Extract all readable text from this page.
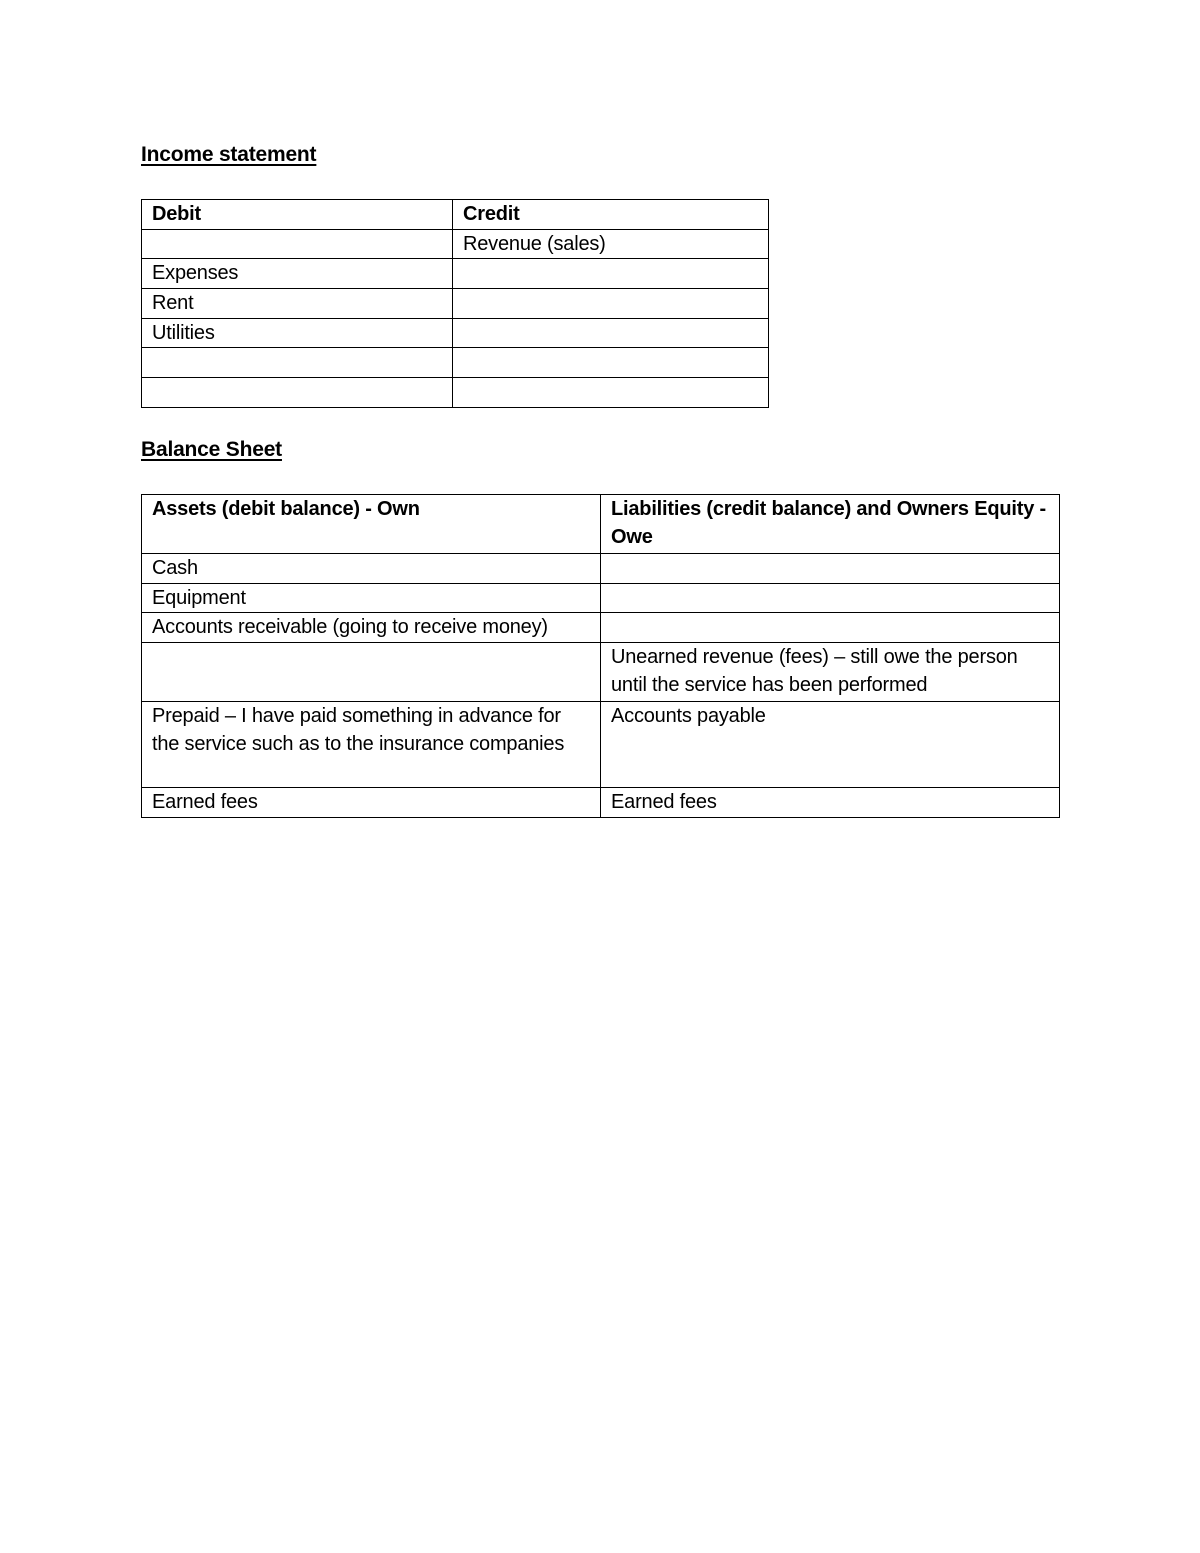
Income statement
Debit	Credit
	Revenue (sales)
Expenses	
Rent	
Utilities	

Balance Sheet
Assets (debit balance) - Own	Liabilities (credit balance) and Owners Equity - Owe
Cash	
Equipment	
Accounts receivable (going to receive money)	
	Unearned revenue (fees) – still owe the person until the service has been performed
Prepaid – I have paid something in advance for the service such as to the insurance companies	Accounts payable
Earned fees	Earned fees
